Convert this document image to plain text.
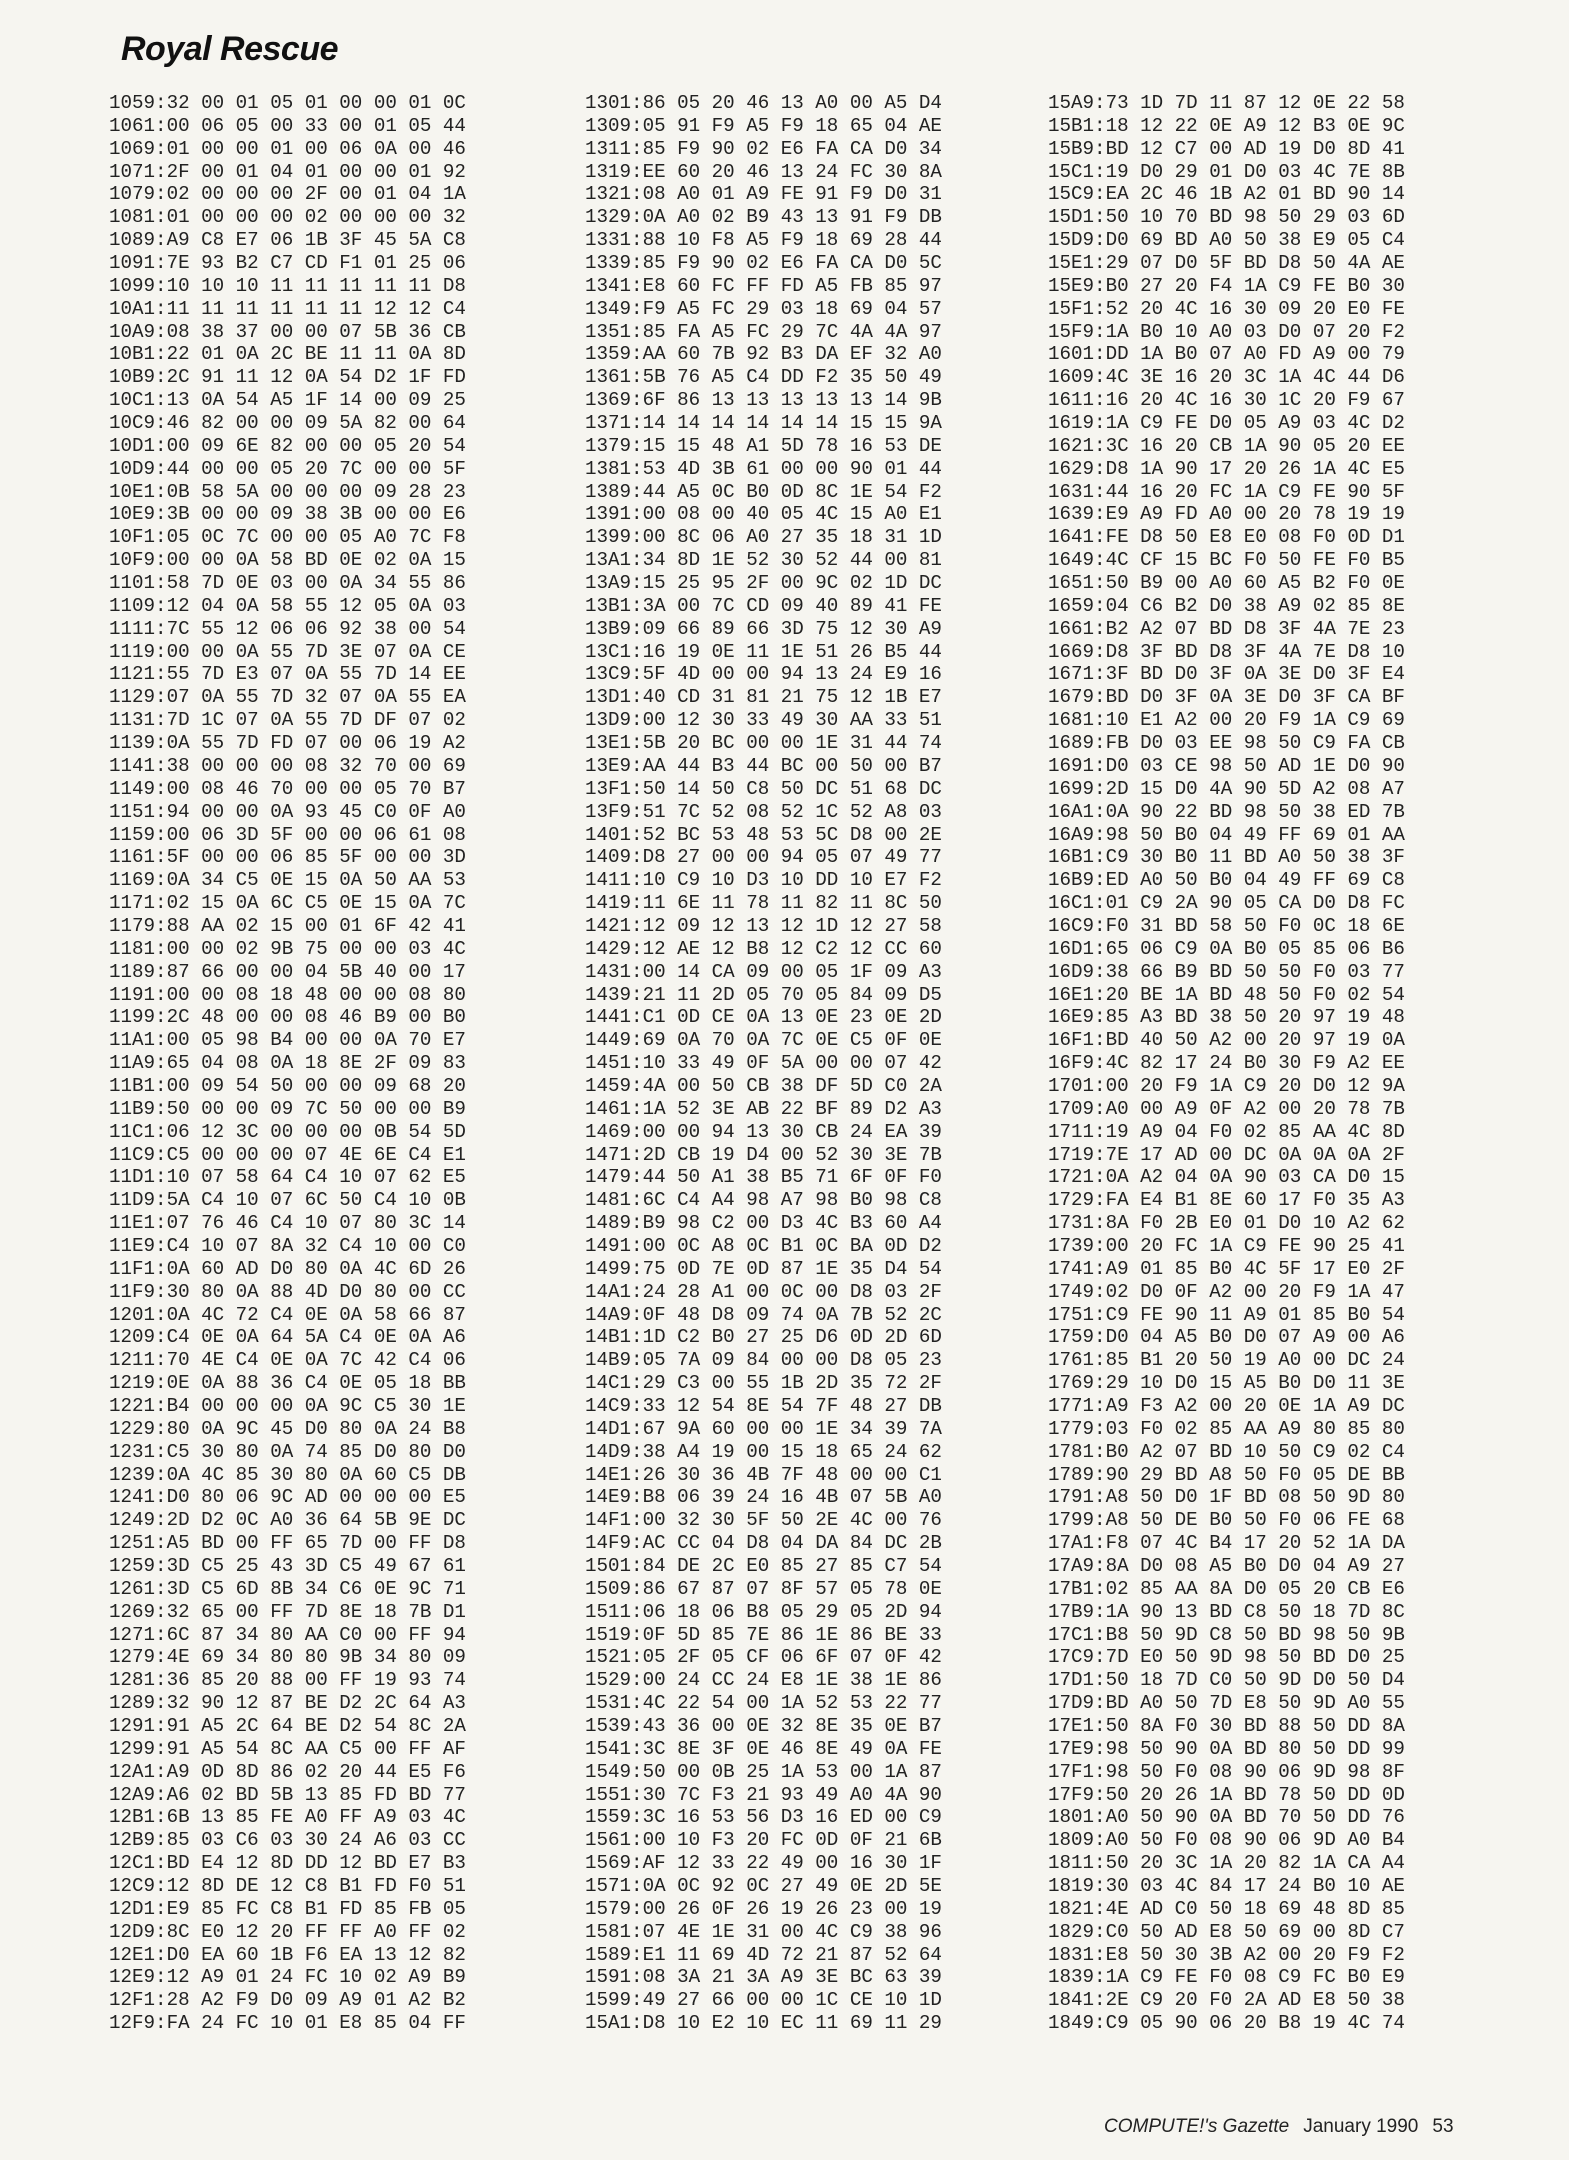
Royal Rescue
1059:32 00 01 05 01 00 00 01 0C
1061:00 06 05 00 33 00 01 05 44
1069:01 00 00 01 00 06 0A 00 46
1071:2F 00 01 04 01 00 00 01 92
1079:02 00 00 00 2F 00 01 04 1A
1081:01 00 00 00 02 00 00 00 32
1089:A9 C8 E7 06 1B 3F 45 5A C8
1091:7E 93 B2 C7 CD F1 01 25 06
1099:10 10 10 11 11 11 11 11 D8
10A1:11 11 11 11 11 11 12 12 C4
10A9:08 38 37 00 00 07 5B 36 CB
10B1:22 01 0A 2C BE 11 11 0A 8D
10B9:2C 91 11 12 0A 54 D2 1F FD
10C1:13 0A 54 A5 1F 14 00 09 25
10C9:46 82 00 00 09 5A 82 00 64
10D1:00 09 6E 82 00 00 05 20 54
10D9:44 00 00 05 20 7C 00 00 5F
10E1:0B 58 5A 00 00 00 09 28 23
10E9:3B 00 00 09 38 3B 00 00 E6
10F1:05 0C 7C 00 00 05 A0 7C F8
10F9:00 00 0A 58 BD 0E 02 0A 15
1101:58 7D 0E 03 00 0A 34 55 86
1109:12 04 0A 58 55 12 05 0A 03
1111:7C 55 12 06 06 92 38 00 54
1119:00 00 0A 55 7D 3E 07 0A CE
1121:55 7D E3 07 0A 55 7D 14 EE
1129:07 0A 55 7D 32 07 0A 55 EA
1131:7D 1C 07 0A 55 7D DF 07 02
1139:0A 55 7D FD 07 00 06 19 A2
1141:38 00 00 00 08 32 70 00 69
1149:00 08 46 70 00 00 05 70 B7
1151:94 00 00 0A 93 45 C0 0F A0
1159:00 06 3D 5F 00 00 06 61 08
1161:5F 00 00 06 85 5F 00 00 3D
1169:0A 34 C5 0E 15 0A 50 AA 53
1171:02 15 0A 6C C5 0E 15 0A 7C
1179:88 AA 02 15 00 01 6F 42 41
1181:00 00 02 9B 75 00 00 03 4C
1189:87 66 00 00 04 5B 40 00 17
1191:00 00 08 18 48 00 00 08 80
1199:2C 48 00 00 08 46 B9 00 B0
11A1:00 05 98 B4 00 00 0A 70 E7
11A9:65 04 08 0A 18 8E 2F 09 83
11B1:00 09 54 50 00 00 09 68 20
11B9:50 00 00 09 7C 50 00 00 B9
11C1:06 12 3C 00 00 00 0B 54 5D
11C9:C5 00 00 00 07 4E 6E C4 E1
11D1:10 07 58 64 C4 10 07 62 E5
11D9:5A C4 10 07 6C 50 C4 10 0B
11E1:07 76 46 C4 10 07 80 3C 14
11E9:C4 10 07 8A 32 C4 10 00 C0
11F1:0A 60 AD D0 80 0A 4C 6D 26
11F9:30 80 0A 88 4D D0 80 00 CC
1201:0A 4C 72 C4 0E 0A 58 66 87
1209:C4 0E 0A 64 5A C4 0E 0A A6
1211:70 4E C4 0E 0A 7C 42 C4 06
1219:0E 0A 88 36 C4 0E 05 18 BB
1221:B4 00 00 00 0A 9C C5 30 1E
1229:80 0A 9C 45 D0 80 0A 24 B8
1231:C5 30 80 0A 74 85 D0 80 D0
1239:0A 4C 85 30 80 0A 60 C5 DB
1241:D0 80 06 9C AD 00 00 00 E5
1249:2D D2 0C A0 36 64 5B 9E DC
1251:A5 BD 00 FF 65 7D 00 FF D8
1259:3D C5 25 43 3D C5 49 67 61
1261:3D C5 6D 8B 34 C6 0E 9C 71
1269:32 65 00 FF 7D 8E 18 7B D1
1271:6C 87 34 80 AA C0 00 FF 94
1279:4E 69 34 80 80 9B 34 80 09
1281:36 85 20 88 00 FF 19 93 74
1289:32 90 12 87 BE D2 2C 64 A3
1291:91 A5 2C 64 BE D2 54 8C 2A
1299:91 A5 54 8C AA C5 00 FF AF
12A1:A9 0D 8D 86 02 20 44 E5 F6
12A9:A6 02 BD 5B 13 85 FD BD 77
12B1:6B 13 85 FE A0 FF A9 03 4C
12B9:85 03 C6 03 30 24 A6 03 CC
12C1:BD E4 12 8D DD 12 BD E7 B3
12C9:12 8D DE 12 C8 B1 FD F0 51
12D1:E9 85 FC C8 B1 FD 85 FB 05
12D9:8C E0 12 20 FF FF A0 FF 02
12E1:D0 EA 60 1B F6 EA 13 12 82
12E9:12 A9 01 24 FC 10 02 A9 B9
12F1:28 A2 F9 D0 09 A9 01 A2 B2
12F9:FA 24 FC 10 01 E8 85 04 FF
1301:86 05 20 46 13 A0 00 A5 D4
1309:05 91 F9 A5 F9 18 65 04 AE
1311:85 F9 90 02 E6 FA CA D0 34
1319:EE 60 20 46 13 24 FC 30 8A
1321:08 A0 01 A9 FE 91 F9 D0 31
1329:0A A0 02 B9 43 13 91 F9 DB
1331:88 10 F8 A5 F9 18 69 28 44
1339:85 F9 90 02 E6 FA CA D0 5C
1341:E8 60 FC FF FD A5 FB 85 97
1349:F9 A5 FC 29 03 18 69 04 57
1351:85 FA A5 FC 29 7C 4A 4A 97
1359:AA 60 7B 92 B3 DA EF 32 A0
1361:5B 76 A5 C4 DD F2 35 50 49
1369:6F 86 13 13 13 13 13 14 9B
1371:14 14 14 14 14 14 15 15 9A
1379:15 15 48 A1 5D 78 16 53 DE
1381:53 4D 3B 61 00 00 90 01 44
1389:44 A5 0C B0 0D 8C 1E 54 F2
1391:00 08 00 40 05 4C 15 A0 E1
1399:00 8C 06 A0 27 35 18 31 1D
13A1:34 8D 1E 52 30 52 44 00 81
13A9:15 25 95 2F 00 9C 02 1D DC
13B1:3A 00 7C CD 09 40 89 41 FE
13B9:09 66 89 66 3D 75 12 30 A9
13C1:16 19 0E 11 1E 51 26 B5 44
13C9:5F 4D 00 00 94 13 24 E9 16
13D1:40 CD 31 81 21 75 12 1B E7
13D9:00 12 30 33 49 30 AA 33 51
13E1:5B 20 BC 00 00 1E 31 44 74
13E9:AA 44 B3 44 BC 00 50 00 B7
13F1:50 14 50 C8 50 DC 51 68 DC
13F9:51 7C 52 08 52 1C 52 A8 03
1401:52 BC 53 48 53 5C D8 00 2E
1409:D8 27 00 00 94 05 07 49 77
1411:10 C9 10 D3 10 DD 10 E7 F2
1419:11 6E 11 78 11 82 11 8C 50
1421:12 09 12 13 12 1D 12 27 58
1429:12 AE 12 B8 12 C2 12 CC 60
1431:00 14 CA 09 00 05 1F 09 A3
1439:21 11 2D 05 70 05 84 09 D5
1441:C1 0D CE 0A 13 0E 23 0E 2D
1449:69 0A 70 0A 7C 0E C5 0F 0E
1451:10 33 49 0F 5A 00 00 07 42
1459:4A 00 50 CB 38 DF 5D C0 2A
1461:1A 52 3E AB 22 BF 89 D2 A3
1469:00 00 94 13 30 CB 24 EA 39
1471:2D CB 19 D4 00 52 30 3E 7B
1479:44 50 A1 38 B5 71 6F 0F F0
1481:6C C4 A4 98 A7 98 B0 98 C8
1489:B9 98 C2 00 D3 4C B3 60 A4
1491:00 0C A8 0C B1 0C BA 0D D2
1499:75 0D 7E 0D 87 1E 35 D4 54
14A1:24 28 A1 00 0C 00 D8 03 2F
14A9:0F 48 D8 09 74 0A 7B 52 2C
14B1:1D C2 B0 27 25 D6 0D 2D 6D
14B9:05 7A 09 84 00 00 D8 05 23
14C1:29 C3 00 55 1B 2D 35 72 2F
14C9:33 12 54 8E 54 7F 48 27 DB
14D1:67 9A 60 00 00 1E 34 39 7A
14D9:38 A4 19 00 15 18 65 24 62
14E1:26 30 36 4B 7F 48 00 00 C1
14E9:B8 06 39 24 16 4B 07 5B A0
14F1:00 32 30 5F 50 2E 4C 00 76
14F9:AC CC 04 D8 04 DA 84 DC 2B
1501:84 DE 2C E0 85 27 85 C7 54
1509:86 67 87 07 8F 57 05 78 0E
1511:06 18 06 B8 05 29 05 2D 94
1519:0F 5D 85 7E 86 1E 86 BE 33
1521:05 2F 05 CF 06 6F 07 0F 42
1529:00 24 CC 24 E8 1E 38 1E 86
1531:4C 22 54 00 1A 52 53 22 77
1539:43 36 00 0E 32 8E 35 0E B7
1541:3C 8E 3F 0E 46 8E 49 0A FE
1549:50 00 0B 25 1A 53 00 1A 87
1551:30 7C F3 21 93 49 A0 4A 90
1559:3C 16 53 56 D3 16 ED 00 C9
1561:00 10 F3 20 FC 0D 0F 21 6B
1569:AF 12 33 22 49 00 16 30 1F
1571:0A 0C 92 0C 27 49 0E 2D 5E
1579:00 26 0F 26 19 26 23 00 19
1581:07 4E 1E 31 00 4C C9 38 96
1589:E1 11 69 4D 72 21 87 52 64
1591:08 3A 21 3A A9 3E BC 63 39
1599:49 27 66 00 00 1C CE 10 1D
15A1:D8 10 E2 10 EC 11 69 11 29
15A9:73 1D 7D 11 87 12 0E 22 58
15B1:18 12 22 0E A9 12 B3 0E 9C
15B9:BD 12 C7 00 AD 19 D0 8D 41
15C1:19 D0 29 01 D0 03 4C 7E 8B
15C9:EA 2C 46 1B A2 01 BD 90 14
15D1:50 10 70 BD 98 50 29 03 6D
15D9:D0 69 BD A0 50 38 E9 05 C4
15E1:29 07 D0 5F BD D8 50 4A AE
15E9:B0 27 20 F4 1A C9 FE B0 30
15F1:52 20 4C 16 30 09 20 E0 FE
15F9:1A B0 10 A0 03 D0 07 20 F2
1601:DD 1A B0 07 A0 FD A9 00 79
1609:4C 3E 16 20 3C 1A 4C 44 D6
1611:16 20 4C 16 30 1C 20 F9 67
1619:1A C9 FE D0 05 A9 03 4C D2
1621:3C 16 20 CB 1A 90 05 20 EE
1629:D8 1A 90 17 20 26 1A 4C E5
1631:44 16 20 FC 1A C9 FE 90 5F
1639:E9 A9 FD A0 00 20 78 19 19
1641:FE D8 50 E8 E0 08 F0 0D D1
1649:4C CF 15 BC F0 50 FE F0 B5
1651:50 B9 00 A0 60 A5 B2 F0 0E
1659:04 C6 B2 D0 38 A9 02 85 8E
1661:B2 A2 07 BD D8 3F 4A 7E 23
1669:D8 3F BD D8 3F 4A 7E D8 10
1671:3F BD D0 3F 0A 3E D0 3F E4
1679:BD D0 3F 0A 3E D0 3F CA BF
1681:10 E1 A2 00 20 F9 1A C9 69
1689:FB D0 03 EE 98 50 C9 FA CB
1691:D0 03 CE 98 50 AD 1E D0 90
1699:2D 15 D0 4A 90 5D A2 08 A7
16A1:0A 90 22 BD 98 50 38 ED 7B
16A9:98 50 B0 04 49 FF 69 01 AA
16B1:C9 30 B0 11 BD A0 50 38 3F
16B9:ED A0 50 B0 04 49 FF 69 C8
16C1:01 C9 2A 90 05 CA D0 D8 FC
16C9:F0 31 BD 58 50 F0 0C 18 6E
16D1:65 06 C9 0A B0 05 85 06 B6
16D9:38 66 B9 BD 50 50 F0 03 77
16E1:20 BE 1A BD 48 50 F0 02 54
16E9:85 A3 BD 38 50 20 97 19 48
16F1:BD 40 50 A2 00 20 97 19 0A
16F9:4C 82 17 24 B0 30 F9 A2 EE
1701:00 20 F9 1A C9 20 D0 12 9A
1709:A0 00 A9 0F A2 00 20 78 7B
1711:19 A9 04 F0 02 85 AA 4C 8D
1719:7E 17 AD 00 DC 0A 0A 0A 2F
1721:0A A2 04 0A 90 03 CA D0 15
1729:FA E4 B1 8E 60 17 F0 35 A3
1731:8A F0 2B E0 01 D0 10 A2 62
1739:00 20 FC 1A C9 FE 90 25 41
1741:A9 01 85 B0 4C 5F 17 E0 2F
1749:02 D0 0F A2 00 20 F9 1A 47
1751:C9 FE 90 11 A9 01 85 B0 54
1759:D0 04 A5 B0 D0 07 A9 00 A6
1761:85 B1 20 50 19 A0 00 DC 24
1769:29 10 D0 15 A5 B0 D0 11 3E
1771:A9 F3 A2 00 20 0E 1A A9 DC
1779:03 F0 02 85 AA A9 80 85 80
1781:B0 A2 07 BD 10 50 C9 02 C4
1789:90 29 BD A8 50 F0 05 DE BB
1791:A8 50 D0 1F BD 08 50 9D 80
1799:A8 50 DE B0 50 F0 06 FE 68
17A1:F8 07 4C B4 17 20 52 1A DA
17A9:8A D0 08 A5 B0 D0 04 A9 27
17B1:02 85 AA 8A D0 05 20 CB E6
17B9:1A 90 13 BD C8 50 18 7D 8C
17C1:B8 50 9D C8 50 BD 98 50 9B
17C9:7D E0 50 9D 98 50 BD D0 25
17D1:50 18 7D C0 50 9D D0 50 D4
17D9:BD A0 50 7D E8 50 9D A0 55
17E1:50 8A F0 30 BD 88 50 DD 8A
17E9:98 50 90 0A BD 80 50 DD 99
17F1:98 50 F0 08 90 06 9D 98 8F
17F9:50 20 26 1A BD 78 50 DD 0D
1801:A0 50 90 0A BD 70 50 DD 76
1809:A0 50 F0 08 90 06 9D A0 B4
1811:50 20 3C 1A 20 82 1A CA A4
1819:30 03 4C 84 17 24 B0 10 AE
1821:4E AD C0 50 18 69 48 8D 85
1829:C0 50 AD E8 50 69 00 8D C7
1831:E8 50 30 3B A2 00 20 F9 F2
1839:1A C9 FE F0 08 C9 FC B0 E9
1841:2E C9 20 F0 2A AD E8 50 38
1849:C9 05 90 06 20 B8 19 4C 74
COMPUTE!'s Gazette January 1990 53
